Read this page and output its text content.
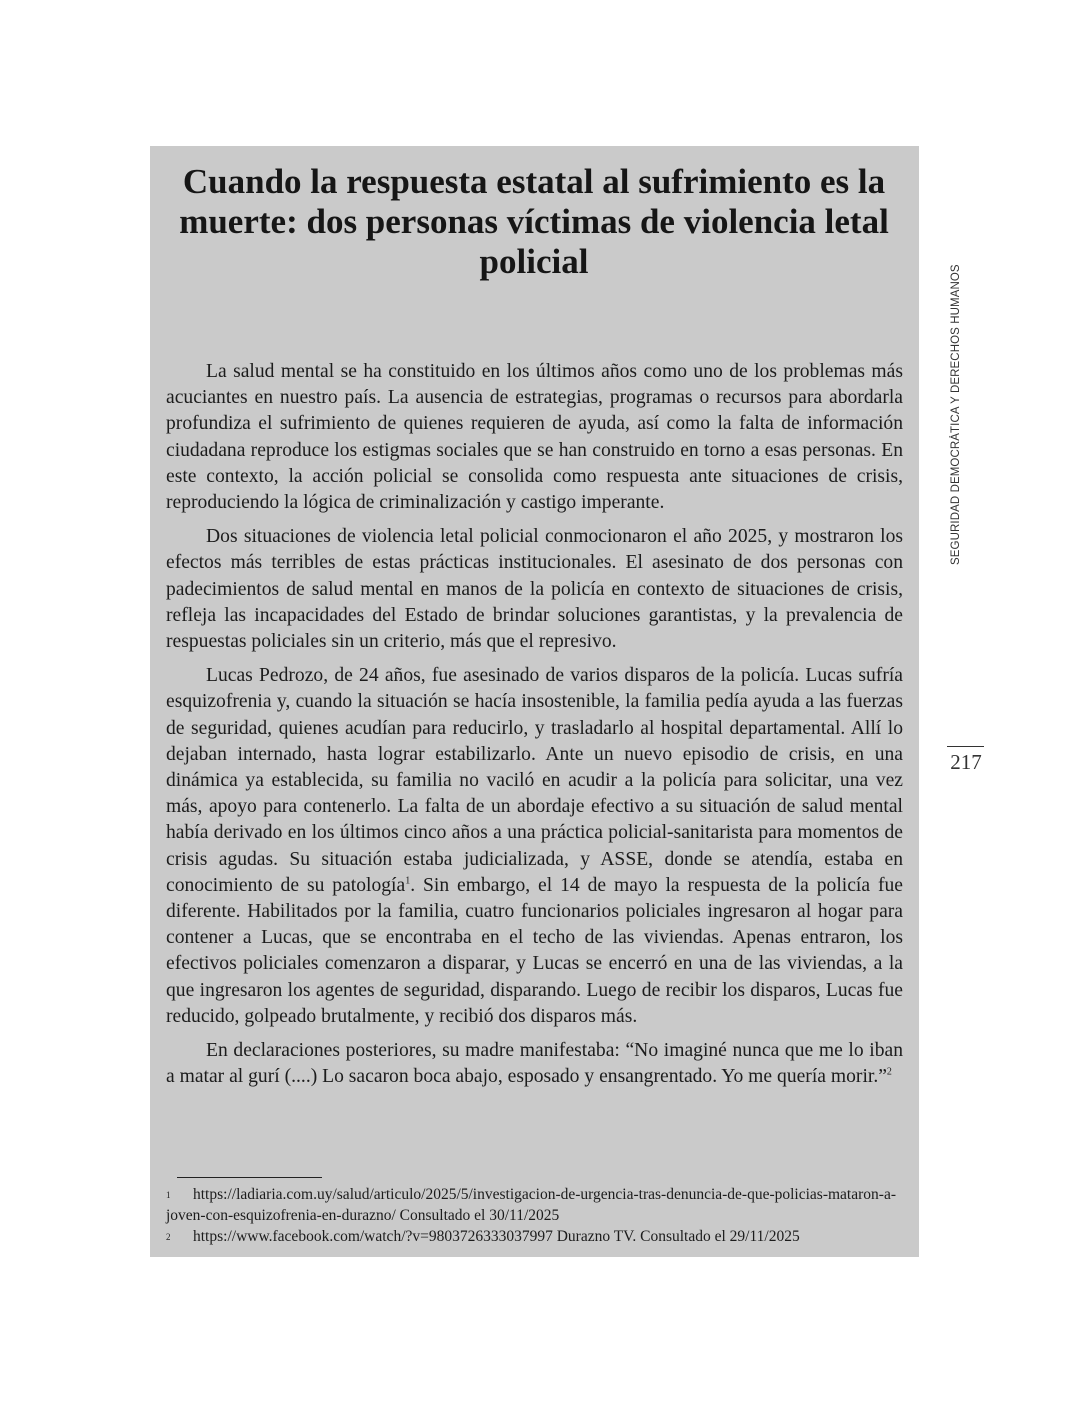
Cuando la respuesta estatal al sufrimiento es la muerte: dos personas víctimas de violencia letal policial

La salud mental se ha constituido en los últimos años como uno de los problemas más acuciantes en nuestro país. La ausencia de estrategias, programas o recursos para abordarla profundiza el sufrimiento de quienes requieren de ayuda, así como la falta de información ciudadana reproduce los estigmas sociales que se han construido en torno a esas personas. En este contexto, la acción policial se consolida como respuesta ante situaciones de crisis, reproduciendo la lógica de criminalización y castigo imperante.

Dos situaciones de violencia letal policial conmocionaron el año 2025, y mostraron los efectos más terribles de estas prácticas institucionales. El asesinato de dos personas con padecimientos de salud mental en manos de la policía en contexto de situaciones de crisis, refleja las incapacidades del Estado de brindar soluciones garantistas, y la prevalencia de respuestas policiales sin un criterio, más que el represivo.

Lucas Pedrozo, de 24 años, fue asesinado de varios disparos de la policía. Lucas sufría esquizofrenia y, cuando la situación se hacía insostenible, la familia pedía ayuda a las fuerzas de seguridad, quienes acudían para reducirlo, y trasladarlo al hospital departamental. Allí lo dejaban internado, hasta lograr estabilizarlo. Ante un nuevo episodio de crisis, en una dinámica ya establecida, su familia no vaciló en acudir a la policía para solicitar, una vez más, apoyo para contenerlo. La falta de un abordaje efectivo a su situación de salud mental había derivado en los últimos cinco años a una práctica policial-sanitarista para momentos de crisis agudas. Su situación estaba judicializada, y ASSE, donde se atendía, estaba en conocimiento de su patología$^1$. Sin embargo, el 14 de mayo la respuesta de la policía fue diferente. Habilitados por la familia, cuatro funcionarios policiales ingresaron al hogar para contener a Lucas, que se encontraba en el techo de las viviendas. Apenas entraron, los efectivos policiales comenzaron a disparar, y Lucas se encerró en una de las viviendas, a la que ingresaron los agentes de seguridad, disparando. Luego de recibir los disparos, Lucas fue reducido, golpeado brutalmente, y recibió dos disparos más.

En declaraciones posteriores, su madre manifestaba: “No imaginé nunca que me lo iban a matar al gurí (....) Lo sacaron boca abajo, esposado y ensangrentado. Yo me quería morir.”$^2$

1 https://ladiaria.com.uy/salud/articulo/2025/5/investigacion-de-urgencia-tras-denuncia-de-que-policias-mataron-a-joven-con-esquizofrenia-en-durazno/ Consultado el 30/11/2025
2 https://www.facebook.com/watch/?v=9803726333037997 Durazno TV. Consultado el 29/11/2025
SEGURIDAD DEMOCRÁTICA Y DERECHOS HUMANOS
217
